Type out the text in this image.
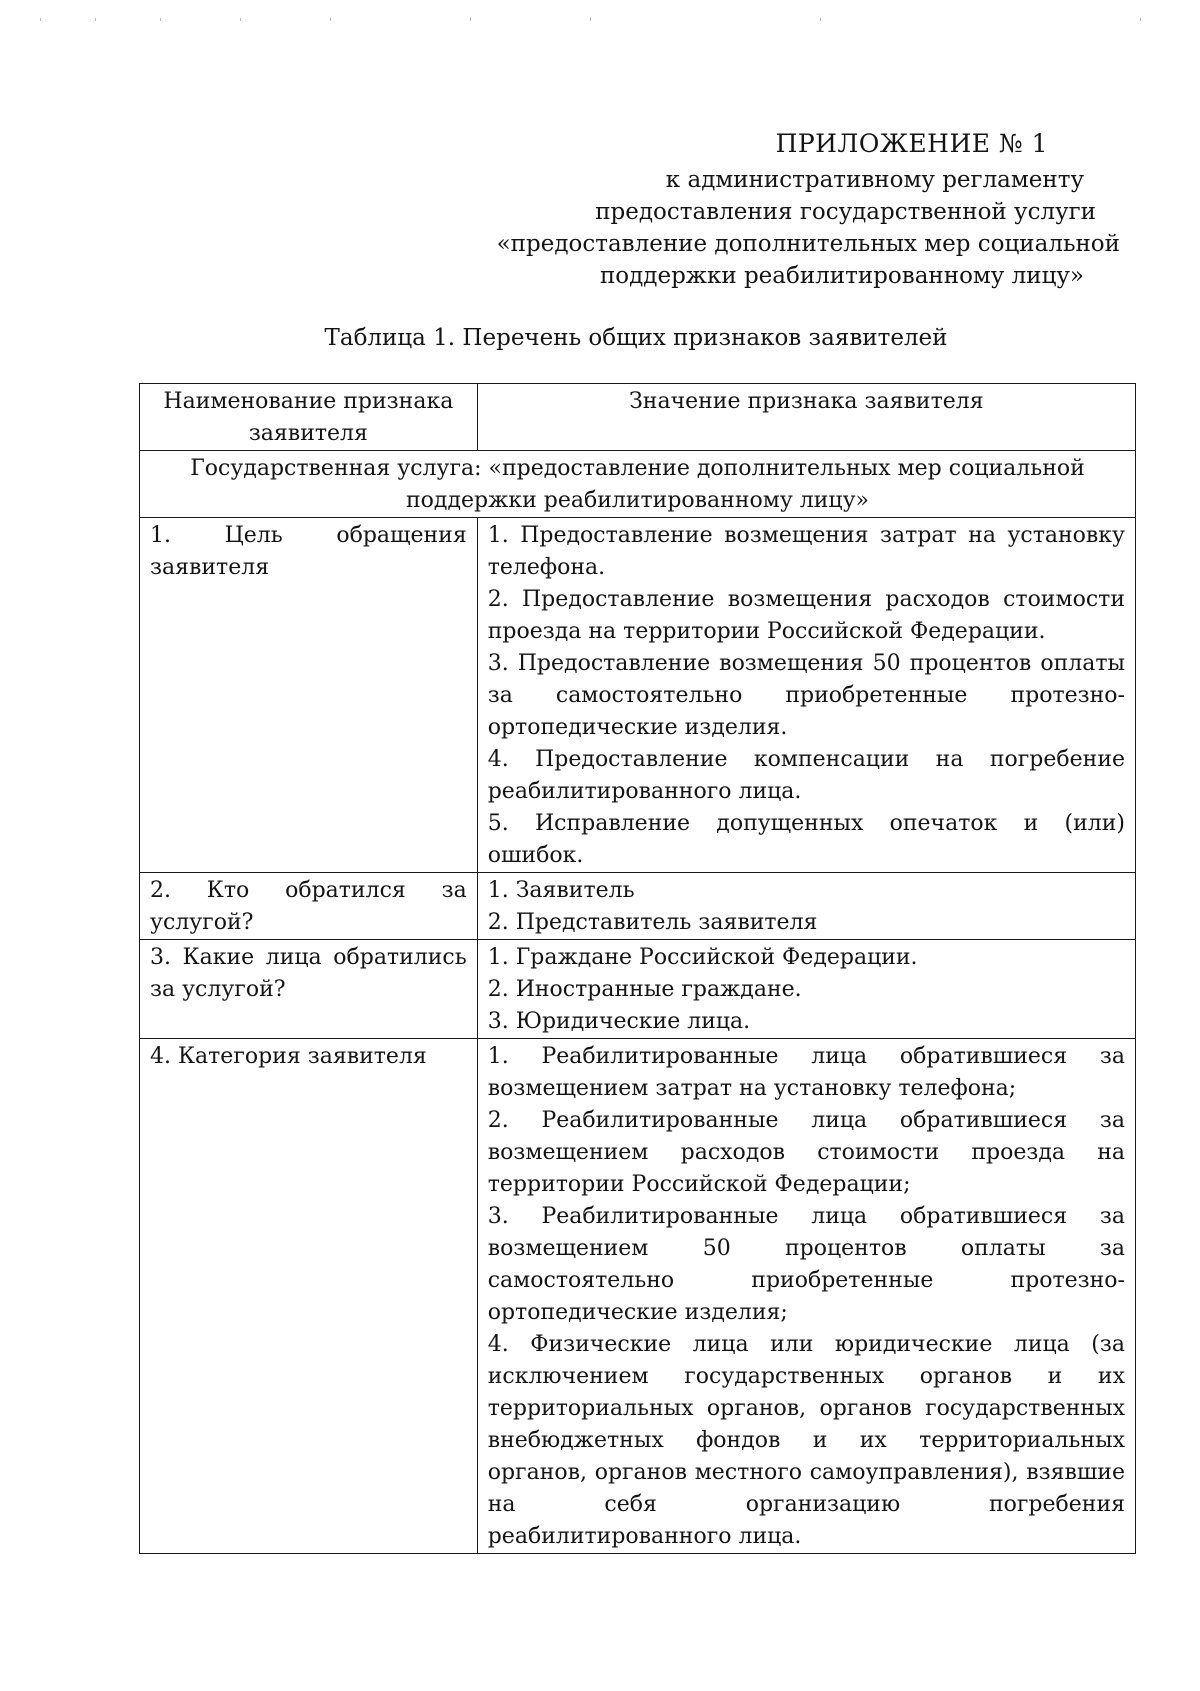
ПРИЛОЖЕНИЕ № 1
к административному регламенту
предоставления государственной услуги
«предоставление дополнительных мер социальной
поддержки реабилитированному лицу»
Таблица 1. Перечень общих признаков заявителей
Наименование признака заявителя	Значение признака заявителя
Государственная услуга: «предоставление дополнительных мер социальной поддержки реабилитированному лицу»	
1. Цель обращения заявителя	1. Предоставление возмещения затрат на установку телефона.
2. Предоставление возмещения расходов стоимости проезда на территории Российской Федерации.
3. Предоставление возмещения 50 процентов оплаты за самостоятельно приобретенные протезно-ортопедические изделия.
4. Предоставление компенсации на погребение реабилитированного лица.
5. Исправление допущенных опечаток и (или) ошибок.

2. Кто обратился за услугой?	1. Заявитель
2. Представитель заявителя

3. Какие лица обратились за услугой?	1. Граждане Российской Федерации.
2. Иностранные граждане.
3. Юридические лица.

4. Категория заявителя	1. Реабилитированные лица обратившиеся за возмещением затрат на установку телефона;
2. Реабилитированные лица обратившиеся за возмещением расходов стоимости проезда на территории Российской Федерации;
3. Реабилитированные лица обратившиеся за возмещением 50 процентов оплаты за самостоятельно приобретенные протезно-ортопедические изделия;
4. Физические лица или юридические лица (за исключением государственных органов и их территориальных органов, органов государственных внебюджетных фондов и их территориальных органов, органов местного самоуправления), взявшие на себя организацию погребения реабилитированного лица.
